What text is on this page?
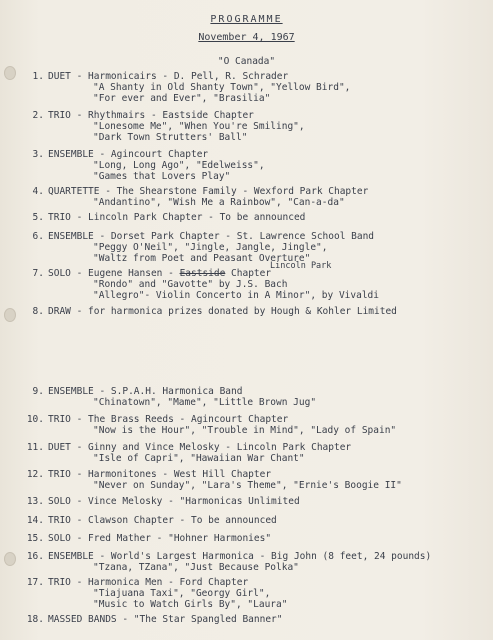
PROGRAMME
November 4, 1967
"O Canada"
1. DUET - Harmonicairs - D. Pell, R. Schrader
"A Shanty in Old Shanty Town", "Yellow Bird",
"For ever and Ever", "Brasilia"
2. TRIO - Rhythmairs - Eastside Chapter
"Lonesome Me", "When You're Smiling",
"Dark Town Strutters' Ball"
3. ENSEMBLE - Agincourt Chapter
"Long, Long Ago", "Edelweiss",
"Games that Lovers Play"
4. QUARTETTE - The Shearstone Family - Wexford Park Chapter
"Andantino", "Wish Me a Rainbow", "Can-a-da"
5. TRIO - Lincoln Park Chapter - To be announced
6. ENSEMBLE - Dorset Park Chapter - St. Lawrence School Band
"Peggy O'Neil", "Jingle, Jangle, Jingle",
"Waltz from Poet and Peasant Overture"
Lincoln Park
7. SOLO - Eugene Hansen - Eastside Chapter
"Rondo" and "Gavotte" by J.S. Bach
"Allegro"- Violin Concerto in A Minor", by Vivaldi
8. DRAW - for harmonica prizes donated by Hough & Kohler Limited
9. ENSEMBLE - S.P.A.H. Harmonica Band
"Chinatown", "Mame", "Little Brown Jug"
10. TRIO - The Brass Reeds - Agincourt Chapter
"Now is the Hour", "Trouble in Mind", "Lady of Spain"
11. DUET - Ginny and Vince Melosky - Lincoln Park Chapter
"Isle of Capri", "Hawaiian War Chant"
12. TRIO - Harmonitones - West Hill Chapter
"Never on Sunday", "Lara's Theme", "Ernie's Boogie II"
13. SOLO - Vince Melosky - "Harmonicas Unlimited
14. TRIO - Clawson Chapter - To be announced
15. SOLO - Fred Mather - "Hohner Harmonies"
16. ENSEMBLE - World's Largest Harmonica - Big John (8 feet, 24 pounds)
"Tzana, TZana", "Just Because Polka"
17. TRIO - Harmonica Men - Ford Chapter
"Tiajuana Taxi", "Georgy Girl",
"Music to Watch Girls By", "Laura"
18. MASSED BANDS - "The Star Spangled Banner"
